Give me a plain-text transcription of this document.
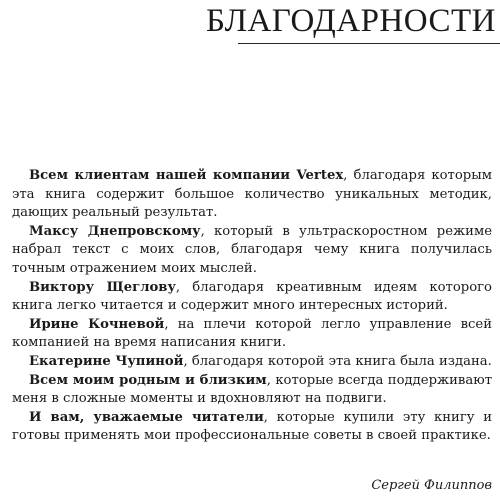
БЛАГОДАРНОСТИ

Всем клиентам нашей компании Vertex, благодаря которым эта книга содержит большое количество уникальных методик, дающих реальный результат.

Максу Днепровскому, который в ультраскоростном режиме набрал текст с моих слов, благодаря чему книга получилась точным отражением моих мыслей.

Виктору Щеглову, благодаря креативным идеям которого книга легко читается и содержит много интересных историй.

Ирине Кочневой, на плечи которой легло управление всей компанией на время написания книги.

Екатерине Чупиной, благодаря которой эта книга была издана.

Всем моим родным и близким, которые всегда поддерживают меня в сложные моменты и вдохновляют на подвиги.

И вам, уважаемые читатели, которые купили эту книгу и готовы применять мои профессиональные советы в своей практике.

Сергей Филиппов
